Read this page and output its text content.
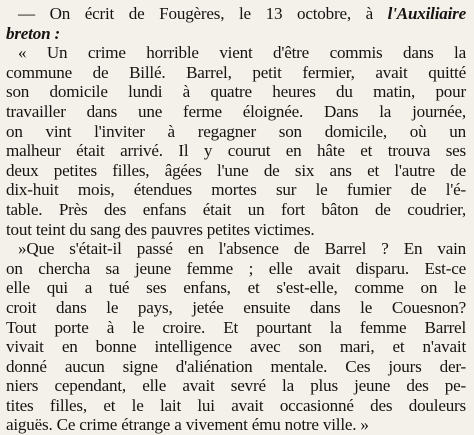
— On écrit de Fougères, le 13 octobre, à l'Auxiliaire
breton :
« Un crime horrible vient d'être commis dans la
commune de Billé. Barrel, petit fermier, avait quitté
son domicile lundi à quatre heures du matin, pour
travailler dans une ferme éloignée. Dans la journée,
on vint l'inviter à regagner son domicile, où un
malheur était arrivé. Il y courut en hâte et trouva ses
deux petites filles, âgées l'une de six ans et l'autre de
dix-huit mois, étendues mortes sur le fumier de l'é-
table. Près des enfans était un fort bâton de coudrier,
tout teint du sang des pauvres petites victimes.
»Que s'était-il passé en l'absence de Barrel ? En vain
on chercha sa jeune femme ; elle avait disparu. Est-ce
elle qui a tué ses enfans, et s'est-elle, comme on le
croit dans le pays, jetée ensuite dans le Couesnon?
Tout porte à le croire. Et pourtant la femme Barrel
vivait en bonne intelligence avec son mari, et n'avait
donné aucun signe d'aliénation mentale. Ces jours der-
niers cependant, elle avait sevré la plus jeune des pe-
tites filles, et le lait lui avait occasionné des douleurs
aiguës. Ce crime étrange a vivement ému notre ville. »
